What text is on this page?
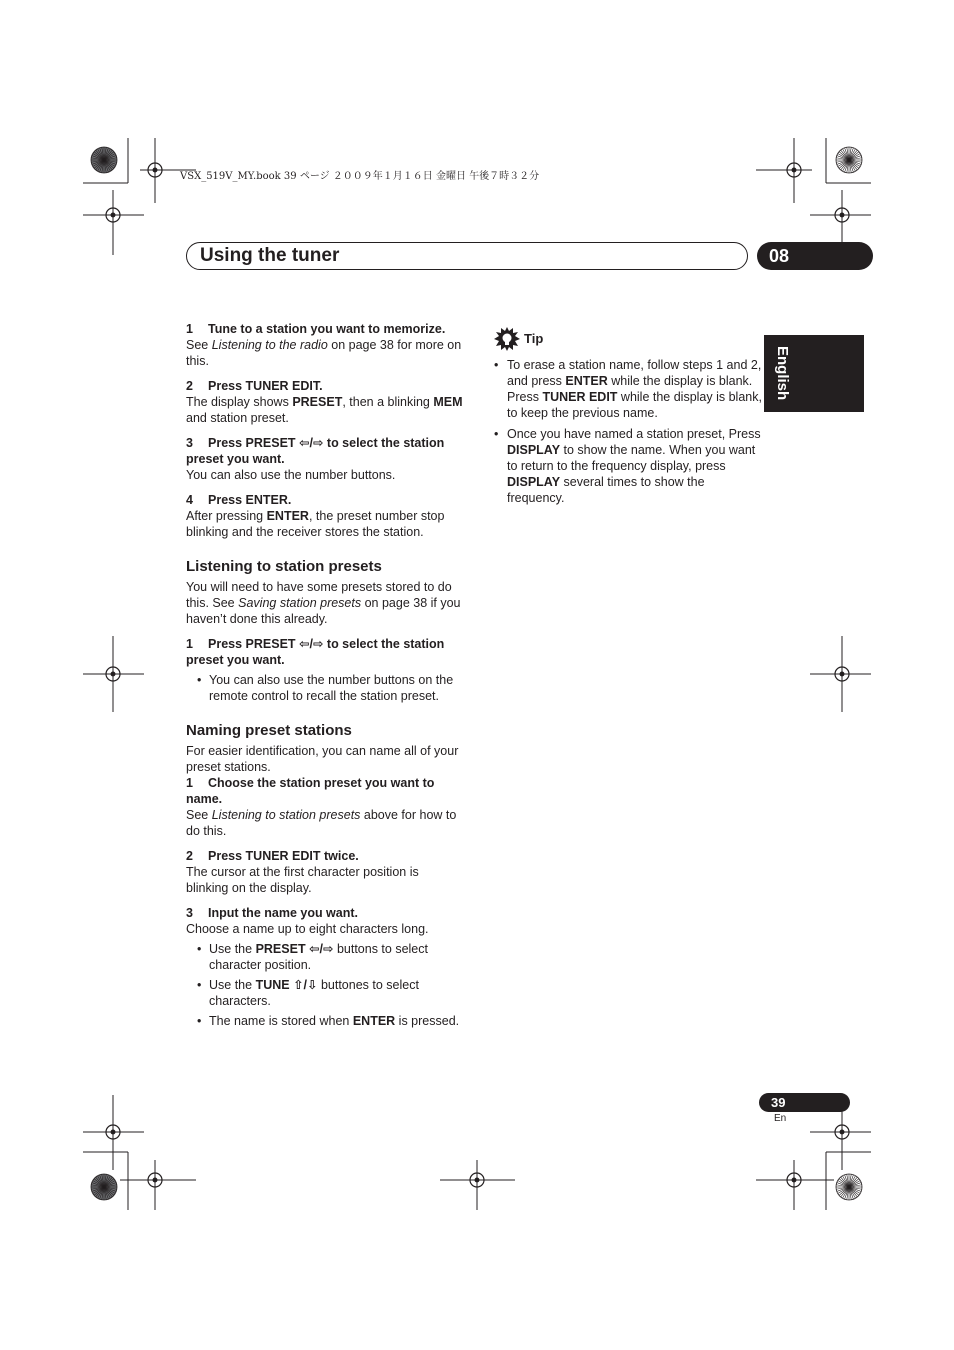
VSX_519V_MY.book 39 ページ ２００９年１月１６日 金曜日 午後７時３２分
Using the tuner	08
English

1 Tune to a station you want to memorize.

See Listening to the radio on page 38 for more on this.

2 Press TUNER EDIT.

The display shows PRESET, then a blinking MEM and station preset.

3 Press PRESET ⇦/⇨ to select the station preset you want.

You can also use the number buttons.

4 Press ENTER.

After pressing ENTER, the preset number stop blinking and the receiver stores the station.

Listening to station presets

You will need to have some presets stored to do this. See Saving station presets on page 38 if you haven’t done this already.

1 Press PRESET ⇦/⇨ to select the station preset you want.

• You can also use the number buttons on the remote control to recall the station preset.
Naming preset stations

For easier identification, you can name all of your preset stations.

1 Choose the station preset you want to name.

See Listening to station presets above for how to do this.

2 Press TUNER EDIT twice.

The cursor at the first character position is blinking on the display.

3 Input the name you want.

Choose a name up to eight characters long.

• Use the PRESET ⇦/⇨ buttons to select character position.
• Use the TUNE ⇧/⇩ buttones to select characters.
• The name is stored when ENTER is pressed.
Tip
• To erase a station name, follow steps 1 and 2, and press ENTER while the display is blank. Press TUNER EDIT while the display is blank, to keep the previous name.
• Once you have named a station preset, Press DISPLAY to show the name. When you want to return to the frequency display, press DISPLAY several times to show the frequency.
39
En
